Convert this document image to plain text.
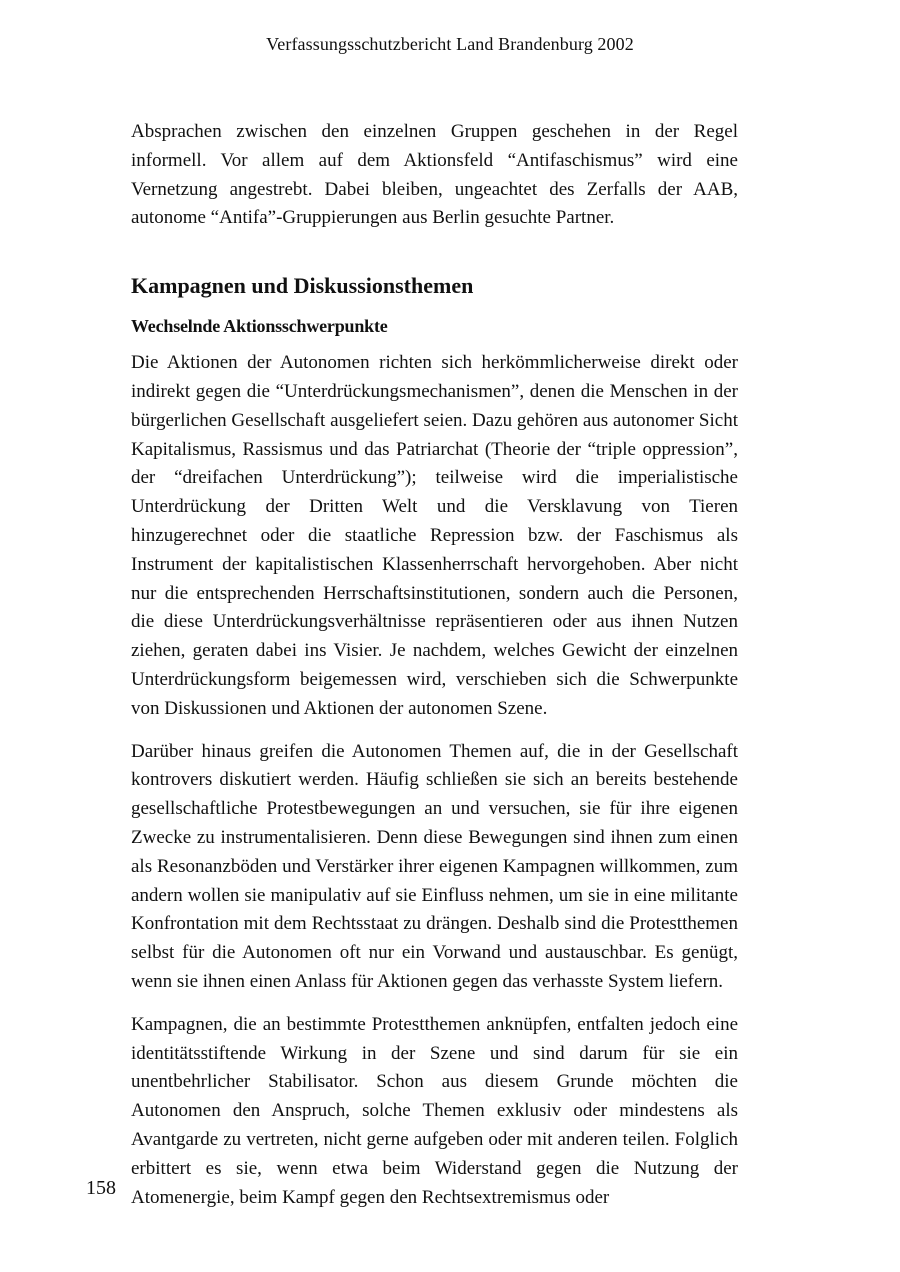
Verfassungsschutzbericht Land Brandenburg 2002

Absprachen zwischen den einzelnen Gruppen geschehen in der Regel informell. Vor allem auf dem Aktionsfeld “Antifaschismus” wird eine Vernetzung angestrebt. Dabei bleiben, ungeachtet des Zerfalls der AAB, autonome “Antifa”-Gruppierungen aus Berlin gesuchte Partner.

Kampagnen und Diskussionsthemen
Wechselnde Aktionsschwerpunkte

Die Aktionen der Autonomen richten sich herkömmlicherweise direkt oder indirekt gegen die “Unterdrückungsmechanismen”, denen die Menschen in der bürgerlichen Gesellschaft ausgeliefert seien. Dazu gehören aus autonomer Sicht Kapitalismus, Rassismus und das Patriarchat (Theorie der “triple oppression”, der “dreifachen Unterdrückung”); teilweise wird die imperialistische Unterdrückung der Dritten Welt und die Versklavung von Tieren hinzugerechnet oder die staatliche Repression bzw. der Faschismus als Instrument der kapitalistischen Klassenherrschaft hervorgehoben. Aber nicht nur die entsprechenden Herrschaftsinstitutionen, sondern auch die Personen, die diese Unterdrückungsverhältnisse repräsentieren oder aus ihnen Nutzen ziehen, geraten dabei ins Visier. Je nachdem, welches Gewicht der einzelnen Unterdrückungsform beigemessen wird, verschieben sich die Schwerpunkte von Diskussionen und Aktionen der autonomen Szene.

Darüber hinaus greifen die Autonomen Themen auf, die in der Gesellschaft kontrovers diskutiert werden. Häufig schließen sie sich an bereits bestehende gesellschaftliche Protestbewegungen an und versuchen, sie für ihre eigenen Zwecke zu instrumentalisieren. Denn diese Bewegungen sind ihnen zum einen als Resonanzböden und Verstärker ihrer eigenen Kampagnen willkommen, zum andern wollen sie manipulativ auf sie Einfluss nehmen, um sie in eine militante Konfrontation mit dem Rechtsstaat zu drängen. Deshalb sind die Protestthemen selbst für die Autonomen oft nur ein Vorwand und austauschbar. Es genügt, wenn sie ihnen einen Anlass für Aktionen gegen das verhasste System liefern.

Kampagnen, die an bestimmte Protestthemen anknüpfen, entfalten jedoch eine identitätsstiftende Wirkung in der Szene und sind darum für sie ein unentbehrlicher Stabilisator. Schon aus diesem Grunde möchten die Autonomen den Anspruch, solche Themen exklusiv oder mindestens als Avantgarde zu vertreten, nicht gerne aufgeben oder mit anderen teilen. Folglich erbittert es sie, wenn etwa beim Widerstand gegen die Nutzung der Atomenergie, beim Kampf gegen den Rechtsextremismus oder

158
